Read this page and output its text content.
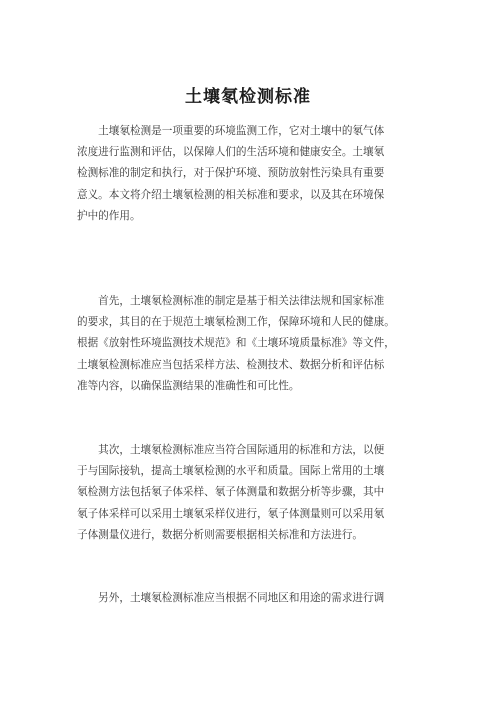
土壤氡检测标准
　　土壤氡检测是一项重要的环境监测工作，它对土壤中的氡气体
浓度进行监测和评估，以保障人们的生活环境和健康安全。土壤氡
检测标准的制定和执行，对于保护环境、预防放射性污染具有重要
意义。本文将介绍土壤氡检测的相关标准和要求，以及其在环境保
护中的作用。
　　首先，土壤氡检测标准的制定是基于相关法律法规和国家标准
的要求，其目的在于规范土壤氡检测工作，保障环境和人民的健康。
根据《放射性环境监测技术规范》和《土壤环境质量标准》等文件，
土壤氡检测标准应当包括采样方法、检测技术、数据分析和评估标
准等内容，以确保监测结果的准确性和可比性。
　　其次，土壤氡检测标准应当符合国际通用的标准和方法，以便
于与国际接轨，提高土壤氡检测的水平和质量。国际上常用的土壤
氡检测方法包括氡子体采样、氡子体测量和数据分析等步骤，其中
氡子体采样可以采用土壤氡采样仪进行，氡子体测量则可以采用氡
子体测量仪进行，数据分析则需要根据相关标准和方法进行。
　　另外，土壤氡检测标准应当根据不同地区和用途的需求进行调
